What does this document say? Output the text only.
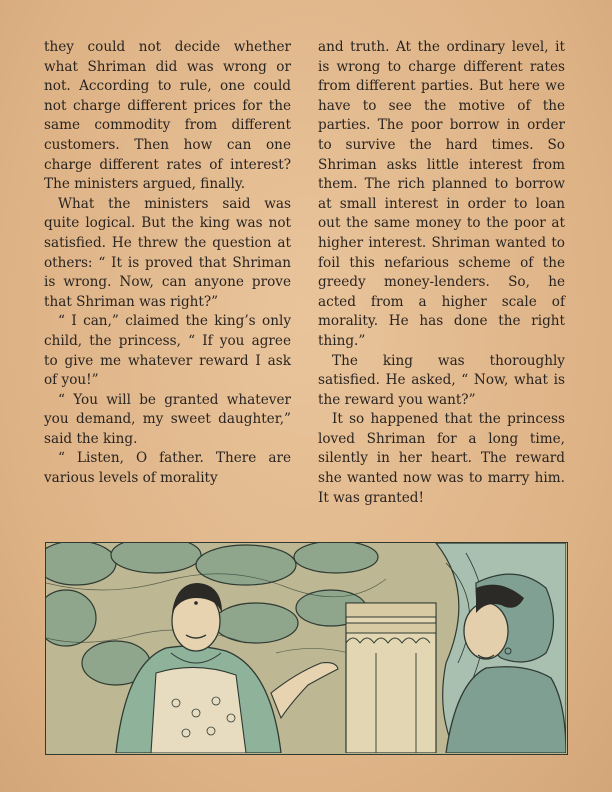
they could not decide whether what Shriman did was wrong or not. According to rule, one could not charge different prices for the same commodity from different customers. Then how can one charge different rates of interest? The ministers argued, finally.

What the ministers said was quite logical. But the king was not satisfied. He threw the question at others: “ It is proved that Shriman is wrong. Now, can anyone prove that Shriman was right?”

“ I can,” claimed the king’s only child, the princess, “ If you agree to give me whatever reward I ask of you!”

“ You will be granted whatever you demand, my sweet daughter,” said the king.

“ Listen, O father. There are various levels of morality

and truth. At the ordinary level, it is wrong to charge different rates from different parties. But here we have to see the motive of the parties. The poor borrow in order to survive the hard times. So Shriman asks little interest from them. The rich planned to borrow at small interest in order to loan out the same money to the poor at higher interest. Shriman wanted to foil this nefarious scheme of the greedy money-lenders. So, he acted from a higher scale of morality. He has done the right thing.”

The king was thoroughly satisfied. He asked, “ Now, what is the reward you want?”

It so happened that the princess loved Shriman for a long time, silently in her heart. The reward she wanted now was to marry him. It was granted!
